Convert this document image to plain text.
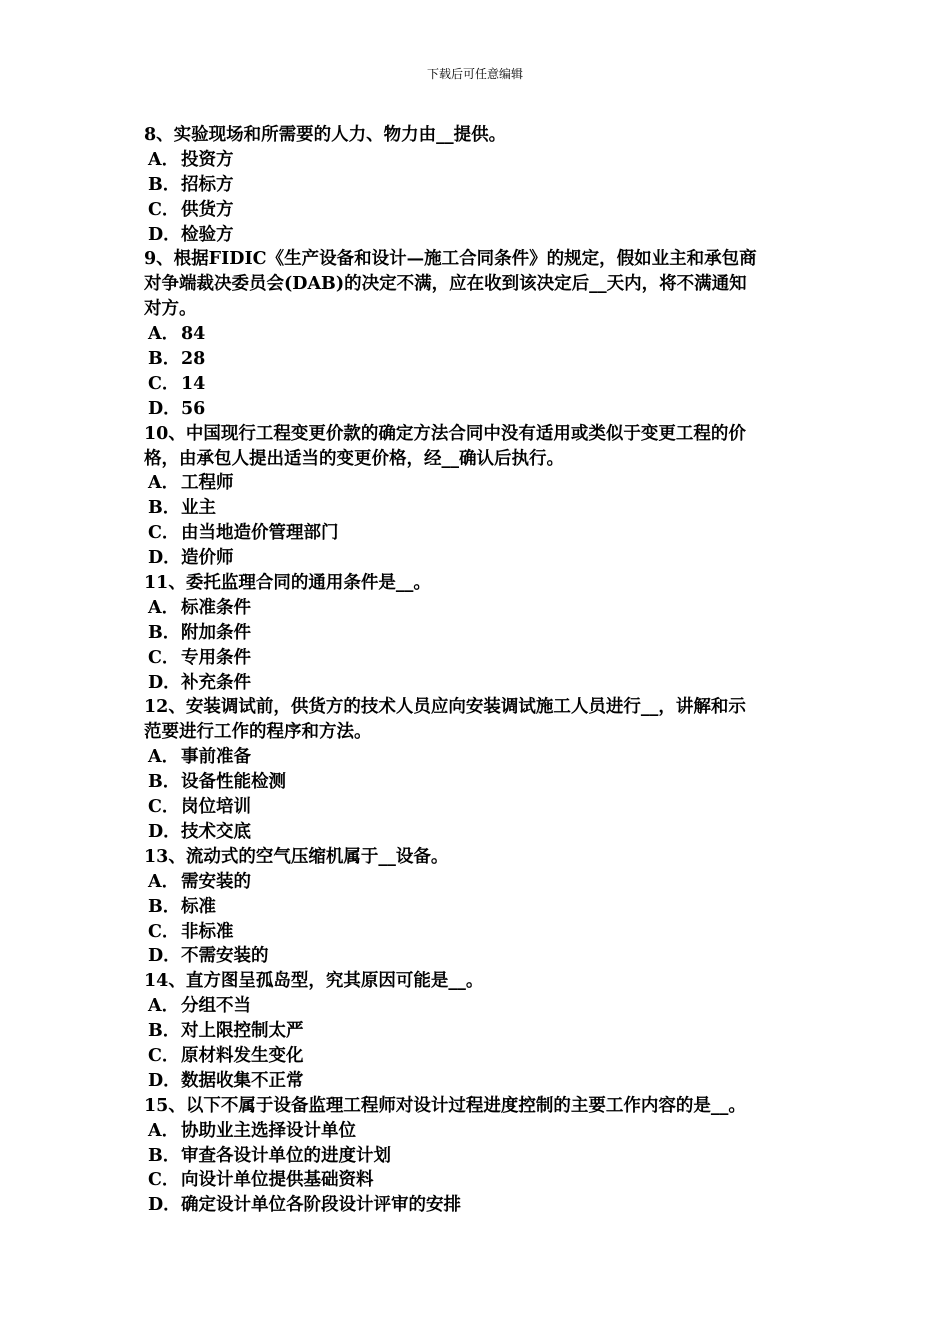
下载后可任意编辑
8、实验现场和所需要的人力、物力由__提供。
A． 投资方
B．招标方
C．供货方
D．检验方
9、根据FIDIC《生产设备和设计—施工合同条件》的规定，假如业主和承包商
对争端裁决委员会(DAB)的决定不满，应在收到该决定后__天内，将不满通知
对方。
A． 84
B．28
C．14
D．56
10、中国现行工程变更价款的确定方法合同中没有适用或类似于变更工程的价
格，由承包人提出适当的变更价格，经__确认后执行。
A． 工程师
B．业主
C．由当地造价管理部门
D．造价师
11、委托监理合同的通用条件是__。
A． 标准条件
B．附加条件
C．专用条件
D．补充条件
12、安装调试前，供货方的技术人员应向安装调试施工人员进行__，讲解和示
范要进行工作的程序和方法。
A． 事前准备
B．设备性能检测
C．岗位培训
D．技术交底
13、流动式的空气压缩机属于__设备。
A． 需安装的
B．标准
C．非标准
D．不需安装的
14、直方图呈孤岛型，究其原因可能是__。
A． 分组不当
B．对上限控制太严
C．原材料发生变化
D．数据收集不正常
15、以下不属于设备监理工程师对设计过程进度控制的主要工作内容的是__。
A． 协助业主选择设计单位
B．审查各设计单位的进度计划
C．向设计单位提供基础资料
D．确定设计单位各阶段设计评审的安排
